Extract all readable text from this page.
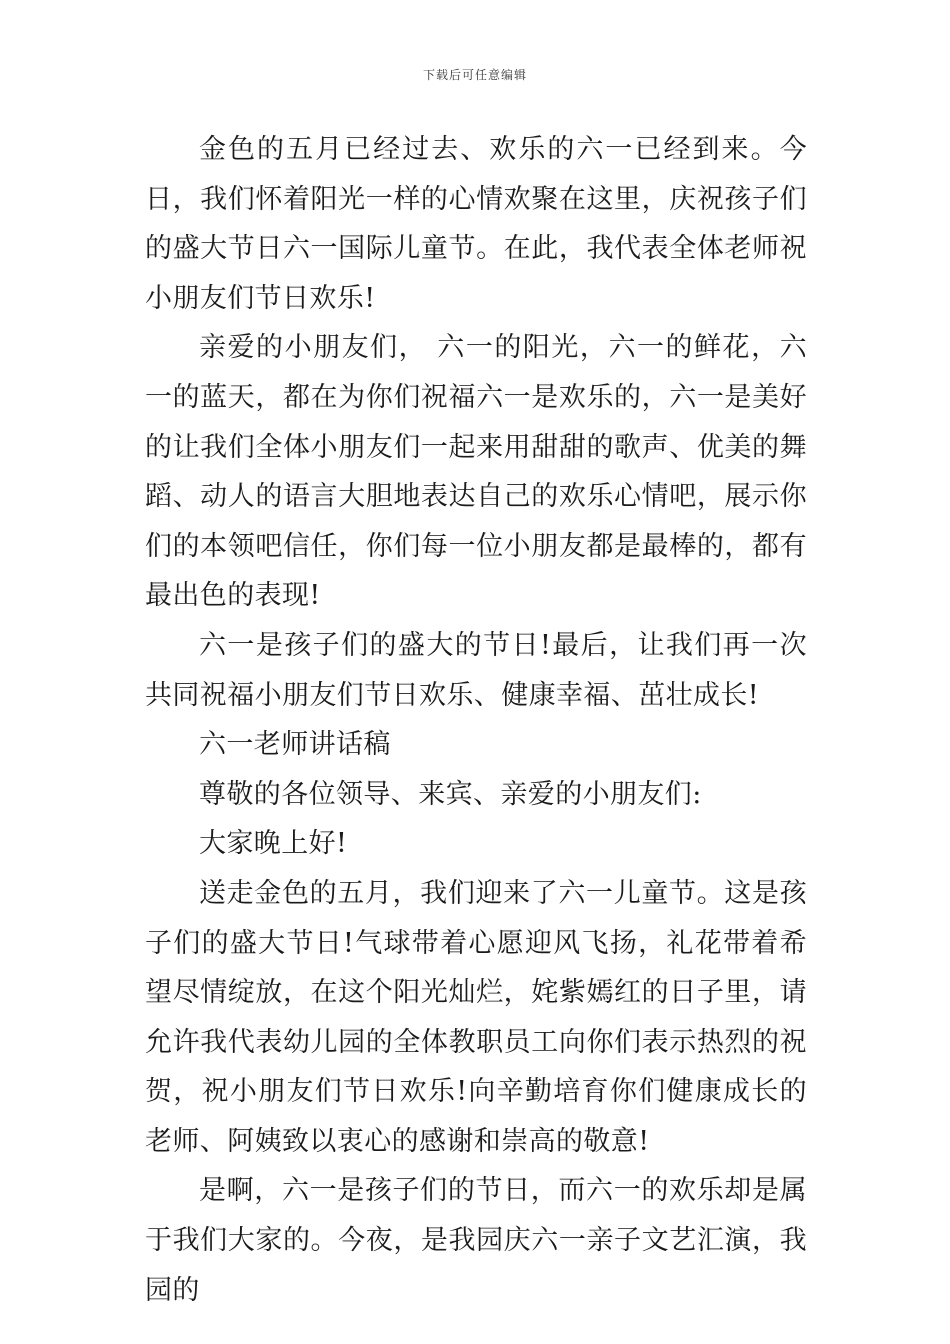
下载后可任意编辑

金色的五月已经过去、欢乐的六一已经到来。今日，我们怀着阳光一样的心情欢聚在这里，庆祝孩子们的盛大节日六一国际儿童节。在此，我代表全体老师祝小朋友们节日欢乐!

亲爱的小朋友们， 六一的阳光，六一的鲜花，六一的蓝天，都在为你们祝福六一是欢乐的，六一是美好的让我们全体小朋友们一起来用甜甜的歌声、优美的舞蹈、动人的语言大胆地表达自己的欢乐心情吧，展示你们的本领吧信任，你们每一位小朋友都是最棒的，都有最出色的表现!

六一是孩子们的盛大的节日!最后，让我们再一次共同祝福小朋友们节日欢乐、健康幸福、茁壮成长!

六一老师讲话稿

尊敬的各位领导、来宾、亲爱的小朋友们:

大家晚上好!

送走金色的五月，我们迎来了六一儿童节。这是孩子们的盛大节日!气球带着心愿迎风飞扬，礼花带着希望尽情绽放，在这个阳光灿烂，姹紫嫣红的日子里，请允许我代表幼儿园的全体教职员工向你们表示热烈的祝贺，祝小朋友们节日欢乐!向辛勤培育你们健康成长的老师、阿姨致以衷心的感谢和崇高的敬意!

是啊，六一是孩子们的节日，而六一的欢乐却是属于我们大家的。今夜，是我园庆六一亲子文艺汇演，我园的
